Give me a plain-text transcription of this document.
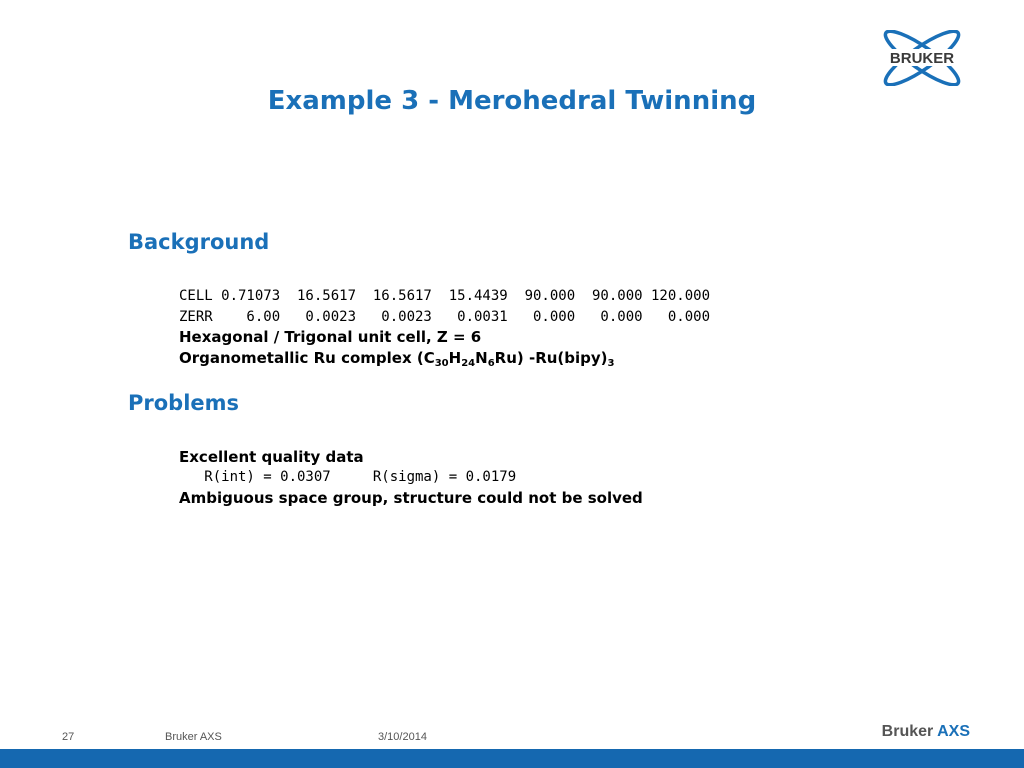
BRUKER
Example 3 - Merohedral Twinning
Background

CELL 0.71073  16.5617  16.5617  15.4439  90.000  90.000 120.000

ZERR    6.00   0.0023   0.0023   0.0031   0.000   0.000   0.000

Hexagonal / Trigonal unit cell, Z = 6

Organometallic Ru complex $(C_{30}H_{24}N_6Ru)$ $-Ru(bipy)_3$

Problems

Excellent quality data

R(int) = 0.0307     R(sigma) = 0.0179

Ambiguous space group, structure could not be solved

27	Bruker AXS	3/10/2014	Bruker AXS
